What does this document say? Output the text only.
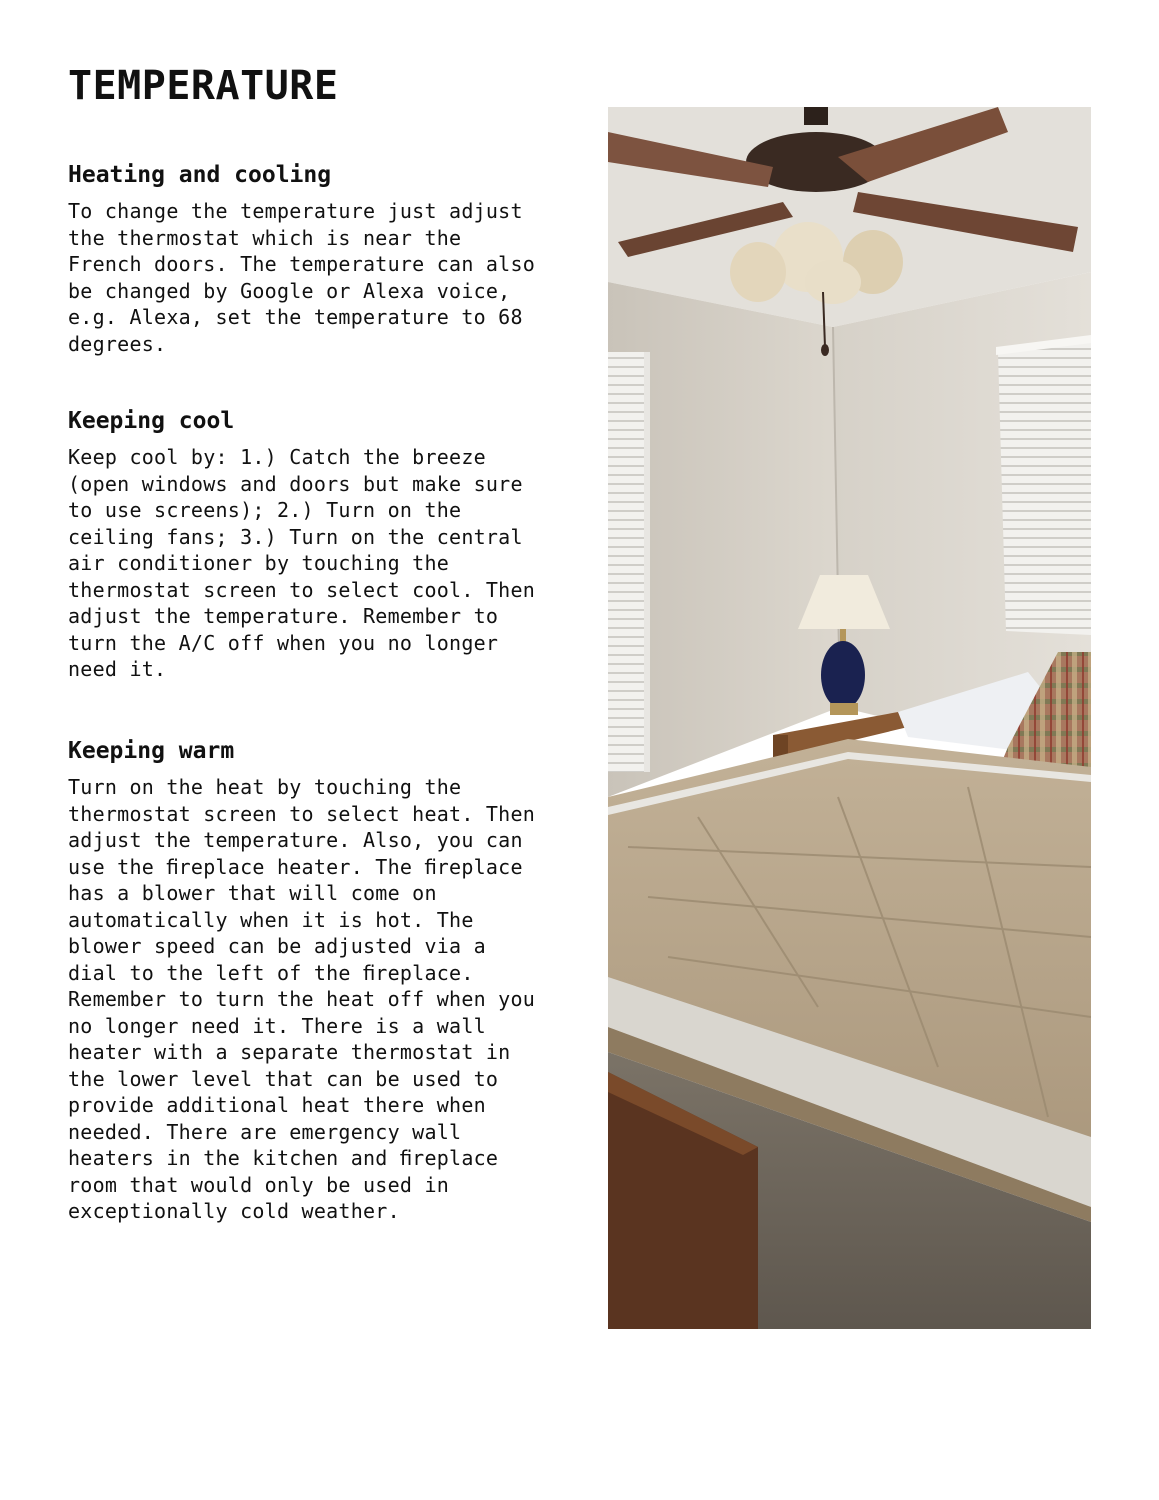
TEMPERATURE
Heating and cooling

To change the temperature just adjust
the thermostat which is near the
French doors. The temperature can also
be changed by Google or Alexa voice,
e.g. Alexa, set the temperature to 68
degrees.

Keeping cool

Keep cool by: 1.) Catch the breeze
(open windows and doors but make sure
to use screens); 2.) Turn on the
ceiling fans; 3.) Turn on the central
air conditioner by touching the
thermostat screen to select cool. Then
adjust the temperature. Remember to
turn the A/C off when you no longer
need it.

Keeping warm

Turn on the heat by touching the
thermostat screen to select heat. Then
adjust the temperature. Also, you can
use the ﬁreplace heater. The ﬁreplace
has a blower that will come on
automatically when it is hot. The
blower speed can be adjusted via a
dial to the left of the ﬁreplace.
Remember to turn the heat off when you
no longer need it. There is a wall
heater with a separate thermostat in
the lower level that can be used to
provide additional heat there when
needed. There are emergency wall
heaters in the kitchen and ﬁreplace
room that would only be used in
exceptionally cold weather.
